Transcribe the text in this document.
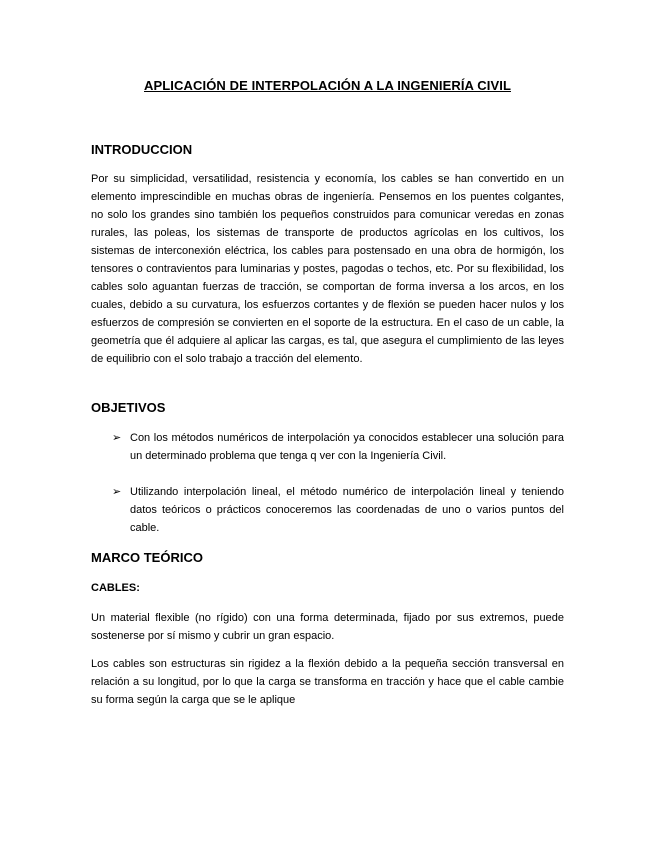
APLICACIÓN DE INTERPOLACIÓN A LA INGENIERÍA CIVIL
INTRODUCCION
Por su simplicidad, versatilidad, resistencia y economía, los cables se han convertido en un elemento imprescindible en muchas obras de ingeniería. Pensemos en los puentes colgantes, no solo los grandes sino también los pequeños construidos para comunicar veredas en zonas rurales, las poleas, los sistemas de transporte de productos agrícolas en los cultivos, los sistemas de interconexión eléctrica, los cables para postensado en una obra de hormigón, los tensores o contravientos para luminarias y postes, pagodas o techos, etc. Por su flexibilidad, los cables solo aguantan fuerzas de tracción, se comportan de forma inversa a los arcos, en los cuales, debido a su curvatura, los esfuerzos cortantes y de flexión se pueden hacer nulos y los esfuerzos de compresión se convierten en el soporte de la estructura. En el caso de un cable, la geometría que él adquiere al aplicar las cargas, es tal, que asegura el cumplimiento de las leyes de equilibrio con el solo trabajo a tracción del elemento.
OBJETIVOS
➢ Con los métodos numéricos de interpolación ya conocidos establecer una solución para un determinado problema que tenga q ver con la Ingeniería Civil.
➢ Utilizando interpolación lineal, el método numérico de interpolación lineal y teniendo datos teóricos o prácticos conoceremos las coordenadas de uno o varios puntos del cable.
MARCO TEÓRICO
CABLES:
Un material flexible (no rígido) con una forma determinada, fijado por sus extremos, puede sostenerse por sí mismo y cubrir un gran espacio.
Los cables son estructuras sin rigidez a la flexión debido a la pequeña sección transversal en relación a su longitud, por lo que la carga se transforma en tracción y hace que el cable cambie su forma según la carga que se le aplique
